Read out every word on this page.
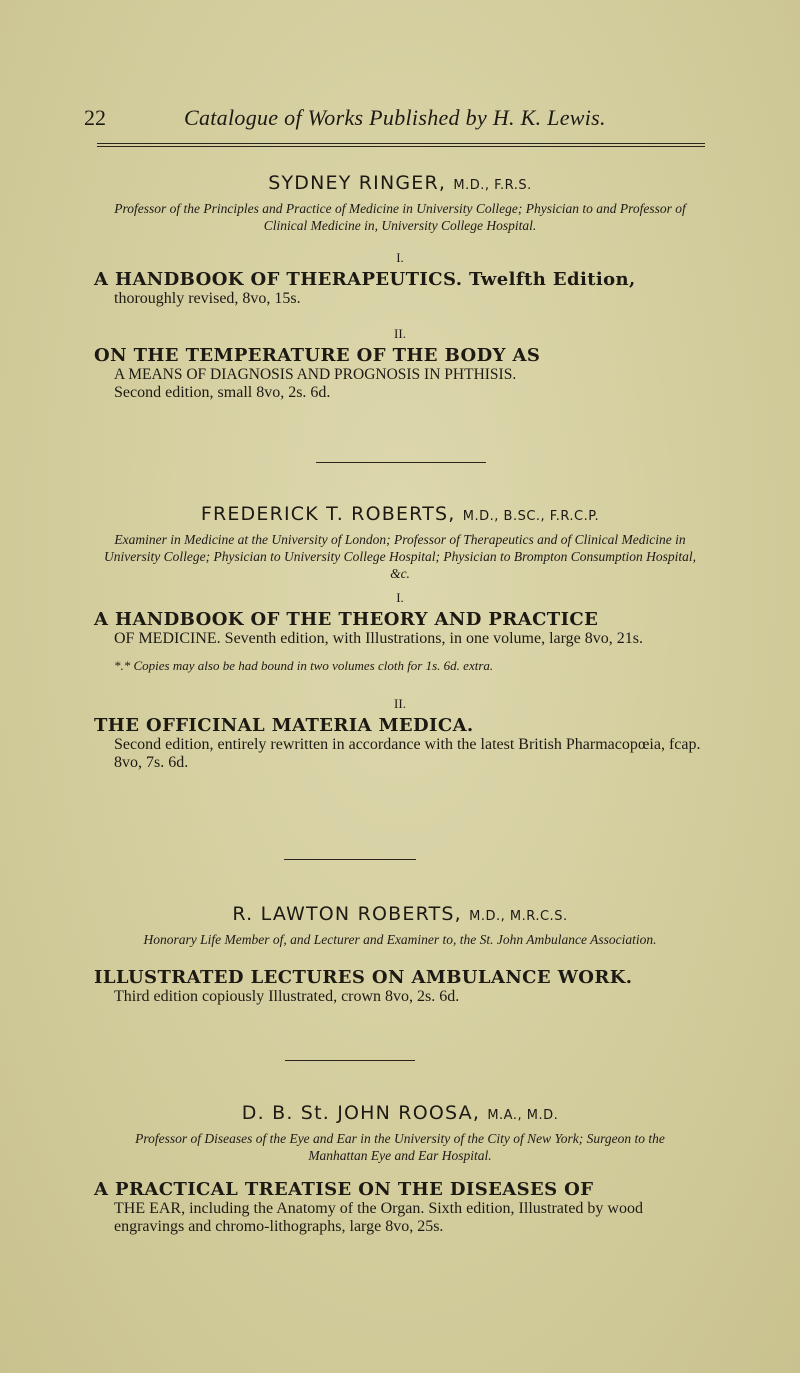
22	Catalogue of Works Published by H. K. Lewis.

SYDNEY RINGER, M.D., F.R.S.

Professor of the Principles and Practice of Medicine in University College; Physician to and Professor of Clinical Medicine in, University College Hospital.

I.

A HANDBOOK OF THERAPEUTICS. Twelfth Edition,

thoroughly revised, 8vo, 15s.

II.

ON THE TEMPERATURE OF THE BODY AS

A MEANS OF DIAGNOSIS AND PROGNOSIS IN PHTHISIS.

Second edition, small 8vo, 2s. 6d.

FREDERICK T. ROBERTS, M.D., B.SC., F.R.C.P.

Examiner in Medicine at the University of London; Professor of Therapeutics and of Clinical Medicine in University College; Physician to University College Hospital; Physician to Brompton Consumption Hospital, &c.

I.

A HANDBOOK OF THE THEORY AND PRACTICE

OF MEDICINE. Seventh edition, with Illustrations, in one volume, large 8vo, 21s.

*.* Copies may also be had bound in two volumes cloth for 1s. 6d. extra.

II.

THE OFFICINAL MATERIA MEDICA.

Second edition, entirely rewritten in accordance with the latest British Pharmacopœia, fcap. 8vo, 7s. 6d.

R. LAWTON ROBERTS, M.D., M.R.C.S.

Honorary Life Member of, and Lecturer and Examiner to, the St. John Ambulance Association.

ILLUSTRATED LECTURES ON AMBULANCE WORK.

Third edition copiously Illustrated, crown 8vo, 2s. 6d.

D. B. St. JOHN ROOSA, M.A., M.D.

Professor of Diseases of the Eye and Ear in the University of the City of New York; Surgeon to the Manhattan Eye and Ear Hospital.

A PRACTICAL TREATISE ON THE DISEASES OF

THE EAR, including the Anatomy of the Organ. Sixth edition, Illustrated by wood engravings and chromo-lithographs, large 8vo, 25s.
